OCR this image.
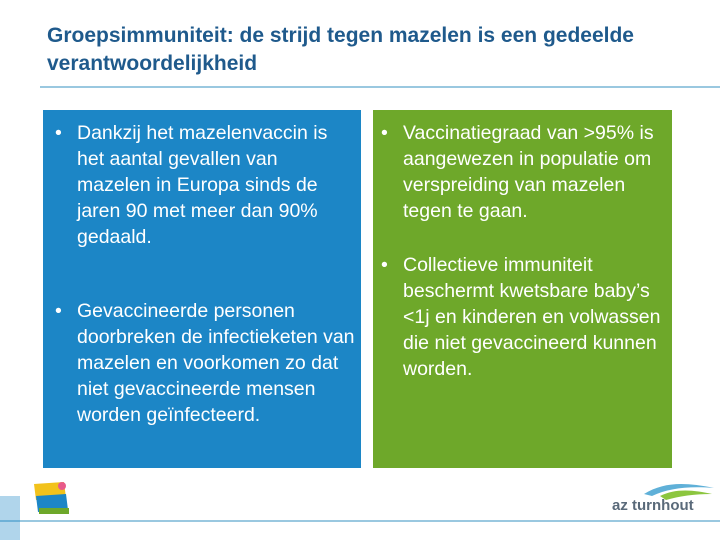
Groepsimmuniteit: de strijd tegen mazelen is een gedeelde verantwoordelijkheid
• Dankzij het mazelenvaccin is het aantal gevallen van mazelen in Europa sinds de jaren 90 met meer dan 90% gedaald.
• Gevaccineerde personen doorbreken de infectieketen van mazelen en voorkomen zo dat niet gevaccineerde mensen worden geïnfecteerd.
• Vaccinatiegraad van >95% is aangewezen in populatie om verspreiding van mazelen tegen te gaan.
• Collectieve immuniteit beschermt kwetsbare baby’s <1j en kinderen en volwassen die niet gevaccineerd kunnen worden.
az turnhout
